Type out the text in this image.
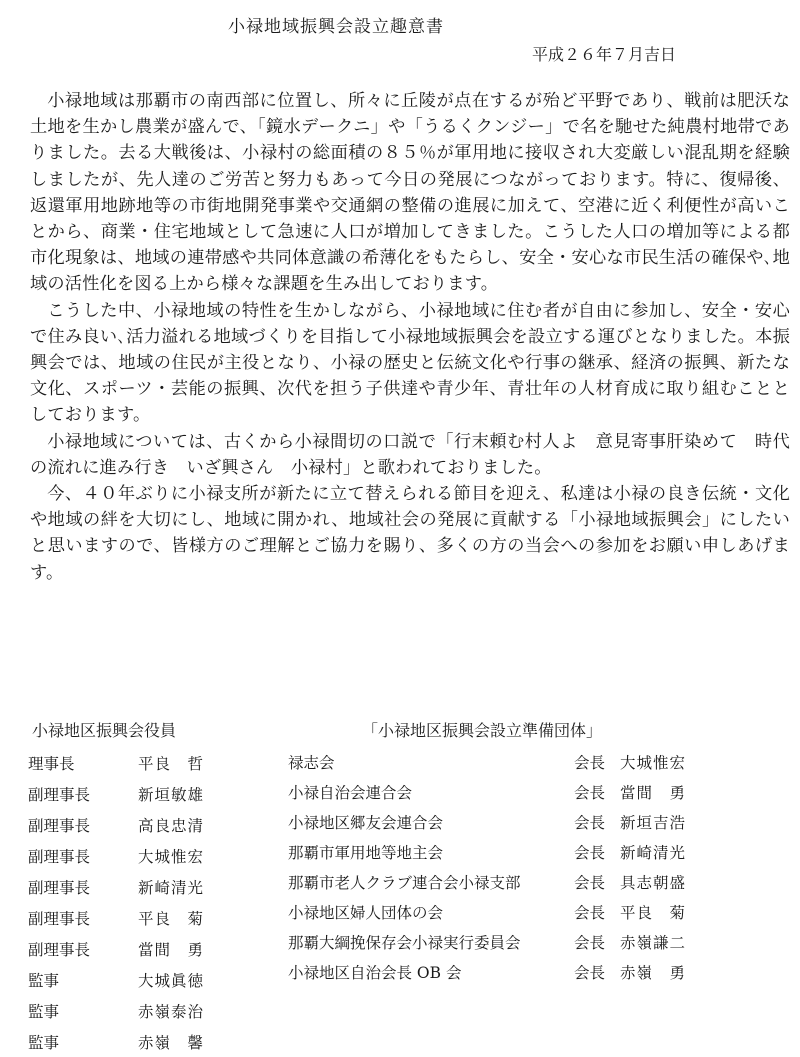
小禄地域振興会設立趣意書
平成２６年７月吉日

小禄地域は那覇市の南西部に位置し、所々に丘陵が点在するが殆ど平野であり、戦前は肥沃な土地を生かし農業が盛んで、「鏡水デークニ」や「うるくクンジー」で名を馳せた純農村地帯でありました。去る大戦後は、小禄村の総面積の８５％が軍用地に接収され大変厳しい混乱期を経験しましたが、先人達のご労苦と努力もあって今日の発展につながっております。特に、復帰後、返還軍用地跡地等の市街地開発事業や交通網の整備の進展に加えて、空港に近く利便性が高いことから、商業・住宅地域として急速に人口が増加してきました。こうした人口の増加等による都市化現象は、地域の連帯感や共同体意識の希薄化をもたらし、安全・安心な市民生活の確保や､地域の活性化を図る上から様々な課題を生み出しております。

こうした中、小禄地域の特性を生かしながら、小禄地域に住む者が自由に参加し、安全・安心で住み良い､活力溢れる地域づくりを目指して小禄地域振興会を設立する運びとなりました。本振興会では、地域の住民が主役となり、小禄の歴史と伝統文化や行事の継承、経済の振興、新たな文化、スポーツ・芸能の振興、次代を担う子供達や青少年、青壮年の人材育成に取り組むこととしております。

小禄地域については、古くから小禄間切の口説で「行末頼む村人よ　意見寄事肝染めて　時代の流れに進み行き　いざ興さん　小禄村」と歌われておりました。

今、４０年ぶりに小禄支所が新たに立て替えられる節目を迎え、私達は小禄の良き伝統・文化や地域の絆を大切にし、地域に開かれ、地域社会の発展に貢献する「小禄地域振興会」にしたいと思いますので、皆様方のご理解とご協力を賜り、多くの方の当会への参加をお願い申しあげます。

小禄地区振興会役員
理事長	平良　哲
副理事長	新垣敏雄
副理事長	高良忠清
副理事長	大城惟宏
副理事長	新崎清光
副理事長	平良　菊
副理事長	當間　勇
監事	大城眞徳
監事	赤嶺泰治
監事	赤嶺　馨
「小禄地区振興会設立準備団体」
禄志会	会長 大城惟宏
小禄自治会連合会	会長 當間　勇
小禄地区郷友会連合会	会長 新垣吉浩
那覇市軍用地等地主会	会長 新崎清光
那覇市老人クラブ連合会小禄支部	会長 具志朝盛
小禄地区婦人団体の会	会長 平良　菊
那覇大綱挽保存会小禄実行委員会	会長 赤嶺謙二
小禄地区自治会長 OB 会	会長 赤嶺　勇
